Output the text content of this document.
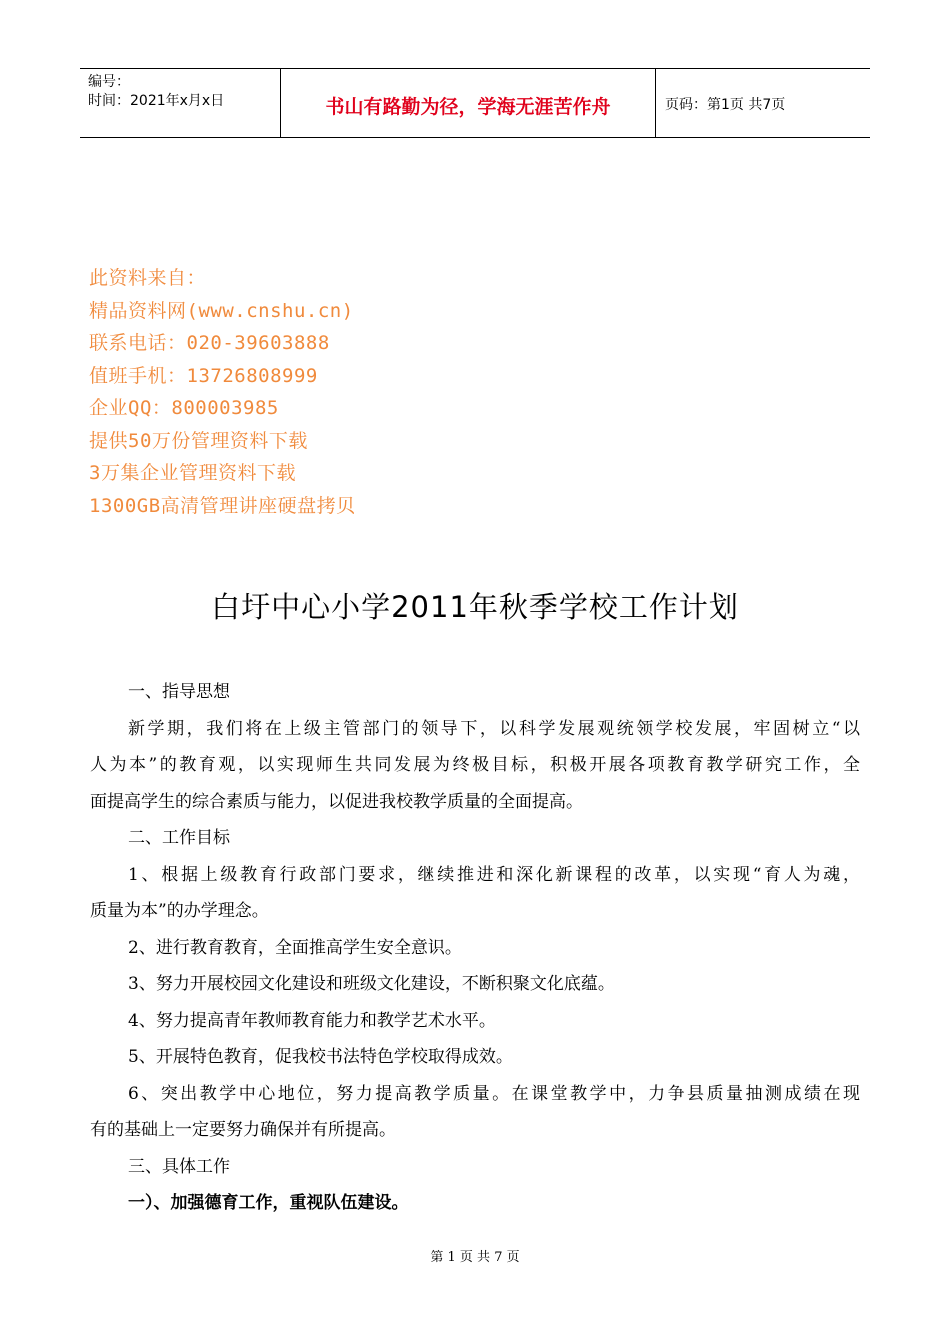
编号：
时间：2021年x月x日	书山有路勤为径，学海无涯苦作舟	页码：第1页 共7页
此资料来自：
精品资料网(www.cnshu.cn)
联系电话：020-39603888
值班手机：13726808999
企业QQ：800003985
提供50万份管理资料下载
3万集企业管理资料下载
1300GB高清管理讲座硬盘拷贝
白圩中心小学2011年秋季学校工作计划
一、指导思想
新学期，我们将在上级主管部门的领导下，以科学发展观统领学校发展，牢固树立“以
人为本”的教育观，以实现师生共同发展为终极目标，积极开展各项教育教学研究工作，全
面提高学生的综合素质与能力，以促进我校教学质量的全面提高。
二、工作目标
1、根据上级教育行政部门要求，继续推进和深化新课程的改革，以实现“育人为魂，
质量为本”的办学理念。
2、进行教育教育，全面推高学生安全意识。
3、努力开展校园文化建设和班级文化建设，不断积聚文化底蕴。
4、努力提高青年教师教育能力和教学艺术水平。
5、开展特色教育，促我校书法特色学校取得成效。
6、突出教学中心地位，努力提高教学质量。在课堂教学中，力争县质量抽测成绩在现
有的基础上一定要努力确保并有所提高。
三、具体工作
一）、加强德育工作，重视队伍建设。
第 1 页 共 7 页
